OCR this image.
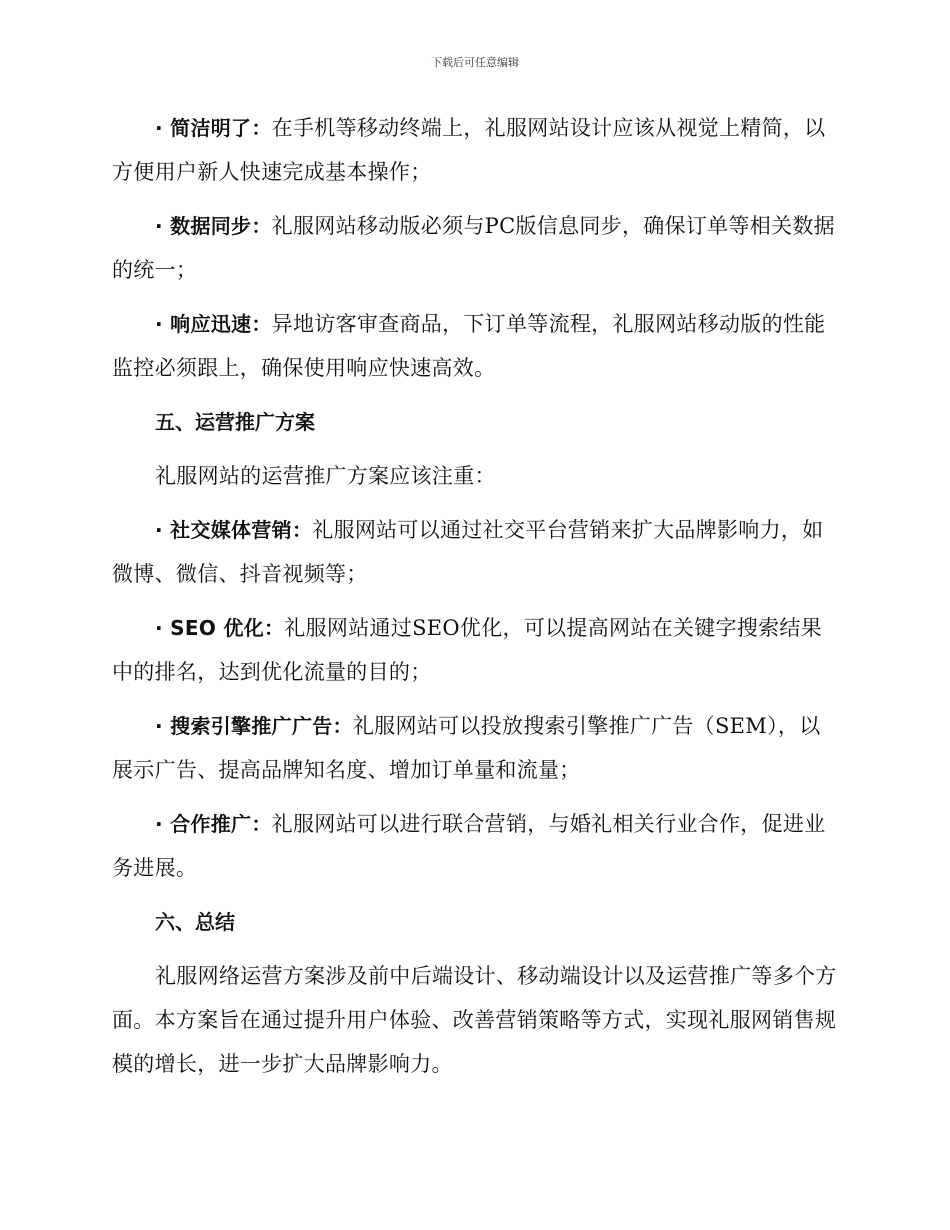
下载后可任意编辑

· 简洁明了：在手机等移动终端上，礼服网站设计应该从视觉上精简，以方便用户新人快速完成基本操作；

· 数据同步：礼服网站移动版必须与PC版信息同步，确保订单等相关数据的统一；

· 响应迅速：异地访客审查商品，下订单等流程，礼服网站移动版的性能监控必须跟上，确保使用响应快速高效。

五、运营推广方案

礼服网站的运营推广方案应该注重：

· 社交媒体营销：礼服网站可以通过社交平台营销来扩大品牌影响力，如微博、微信、抖音视频等；

· SEO 优化：礼服网站通过SEO优化，可以提高网站在关键字搜索结果中的排名，达到优化流量的目的；

· 搜索引擎推广广告：礼服网站可以投放搜索引擎推广广告（SEM），以展示广告、提高品牌知名度、增加订单量和流量；

· 合作推广：礼服网站可以进行联合营销，与婚礼相关行业合作，促进业务进展。

六、总结

礼服网络运营方案涉及前中后端设计、移动端设计以及运营推广等多个方面。本方案旨在通过提升用户体验、改善营销策略等方式，实现礼服网销售规模的增长，进一步扩大品牌影响力。
